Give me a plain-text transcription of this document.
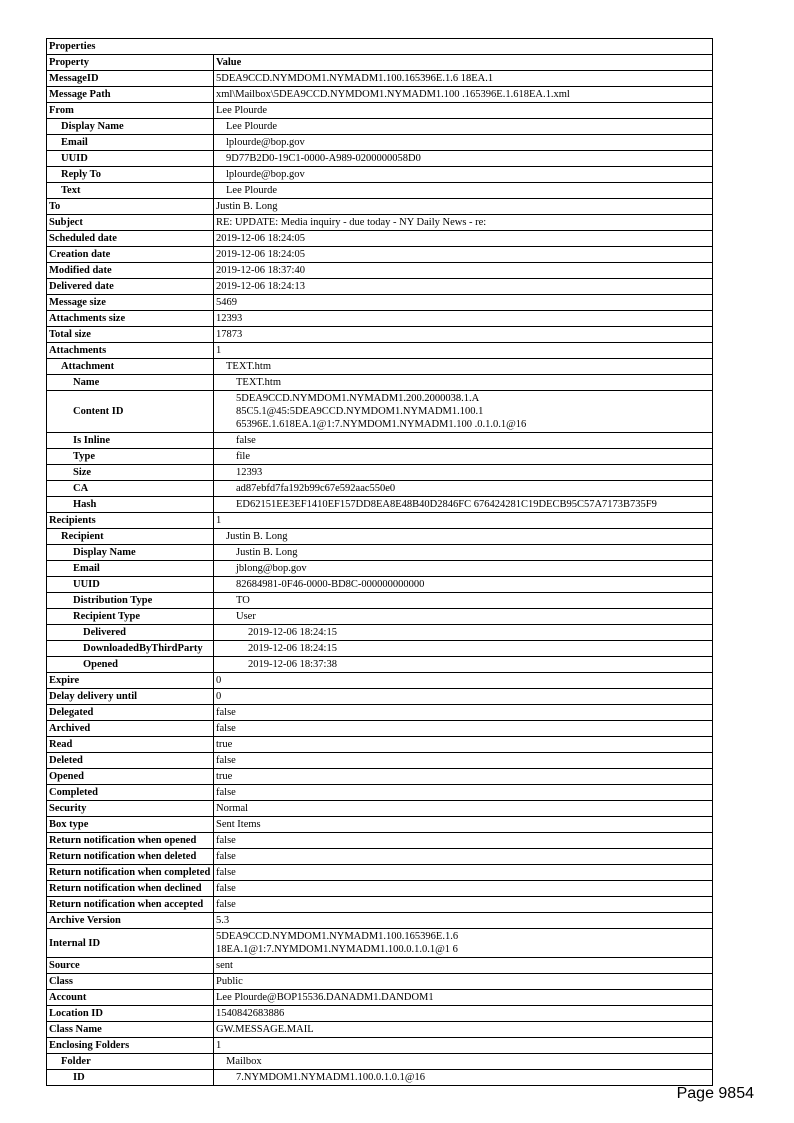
Properties	
Property	Value
MessageID	5DEA9CCD.NYMDOM1.NYMADM1.100.165396E.1.6 18EA.1
Message Path	xml\Mailbox\5DEA9CCD.NYMDOM1.NYMADM1.100 .165396E.1.618EA.1.xml
From	Lee Plourde
Display Name	Lee Plourde
Email	lplourde@bop.gov
UUID	9D77B2D0-19C1-0000-A989-0200000058D0
Reply To	lplourde@bop.gov
Text	Lee Plourde
To	Justin B. Long
Subject	RE: UPDATE: Media inquiry - due today - NY Daily News - re:
Scheduled date	2019-12-06 18:24:05
Creation date	2019-12-06 18:24:05
Modified date	2019-12-06 18:37:40
Delivered date	2019-12-06 18:24:13
Message size	5469
Attachments size	12393
Total size	17873
Attachments	1
Attachment	TEXT.htm
Name	TEXT.htm
Content ID	5DEA9CCD.NYMDOM1.NYMADM1.200.2000038.1.A
85C5.1@45:5DEA9CCD.NYMDOM1.NYMADM1.100.1
65396E.1.618EA.1@1:7.NYMDOM1.NYMADM1.100 .0.1.0.1@16
Is Inline	false
Type	file
Size	12393
CA	ad87ebfd7fa192b99c67e592aac550e0
Hash	ED62151EE3EF1410EF157DD8EA8E48B40D2846FC 676424281C19DECB95C57A7173B735F9
Recipients	1
Recipient	Justin B. Long
Display Name	Justin B. Long
Email	jblong@bop.gov
UUID	82684981-0F46-0000-BD8C-000000000000
Distribution Type	TO
Recipient Type	User
Delivered	2019-12-06 18:24:15
DownloadedByThirdParty	2019-12-06 18:24:15
Opened	2019-12-06 18:37:38
Expire	0
Delay delivery until	0
Delegated	false
Archived	false
Read	true
Deleted	false
Opened	true
Completed	false
Security	Normal
Box type	Sent Items
Return notification when opened	false
Return notification when deleted	false
Return notification when completed	false
Return notification when declined	false
Return notification when accepted	false
Archive Version	5.3
Internal ID	5DEA9CCD.NYMDOM1.NYMADM1.100.165396E.1.6
18EA.1@1:7.NYMDOM1.NYMADM1.100.0.1.0.1@1 6
Source	sent
Class	Public
Account	Lee Plourde@BOP15536.DANADM1.DANDOM1
Location ID	1540842683886
Class Name	GW.MESSAGE.MAIL
Enclosing Folders	1
Folder	Mailbox
ID	7.NYMDOM1.NYMADM1.100.0.1.0.1@16
Page 9854
